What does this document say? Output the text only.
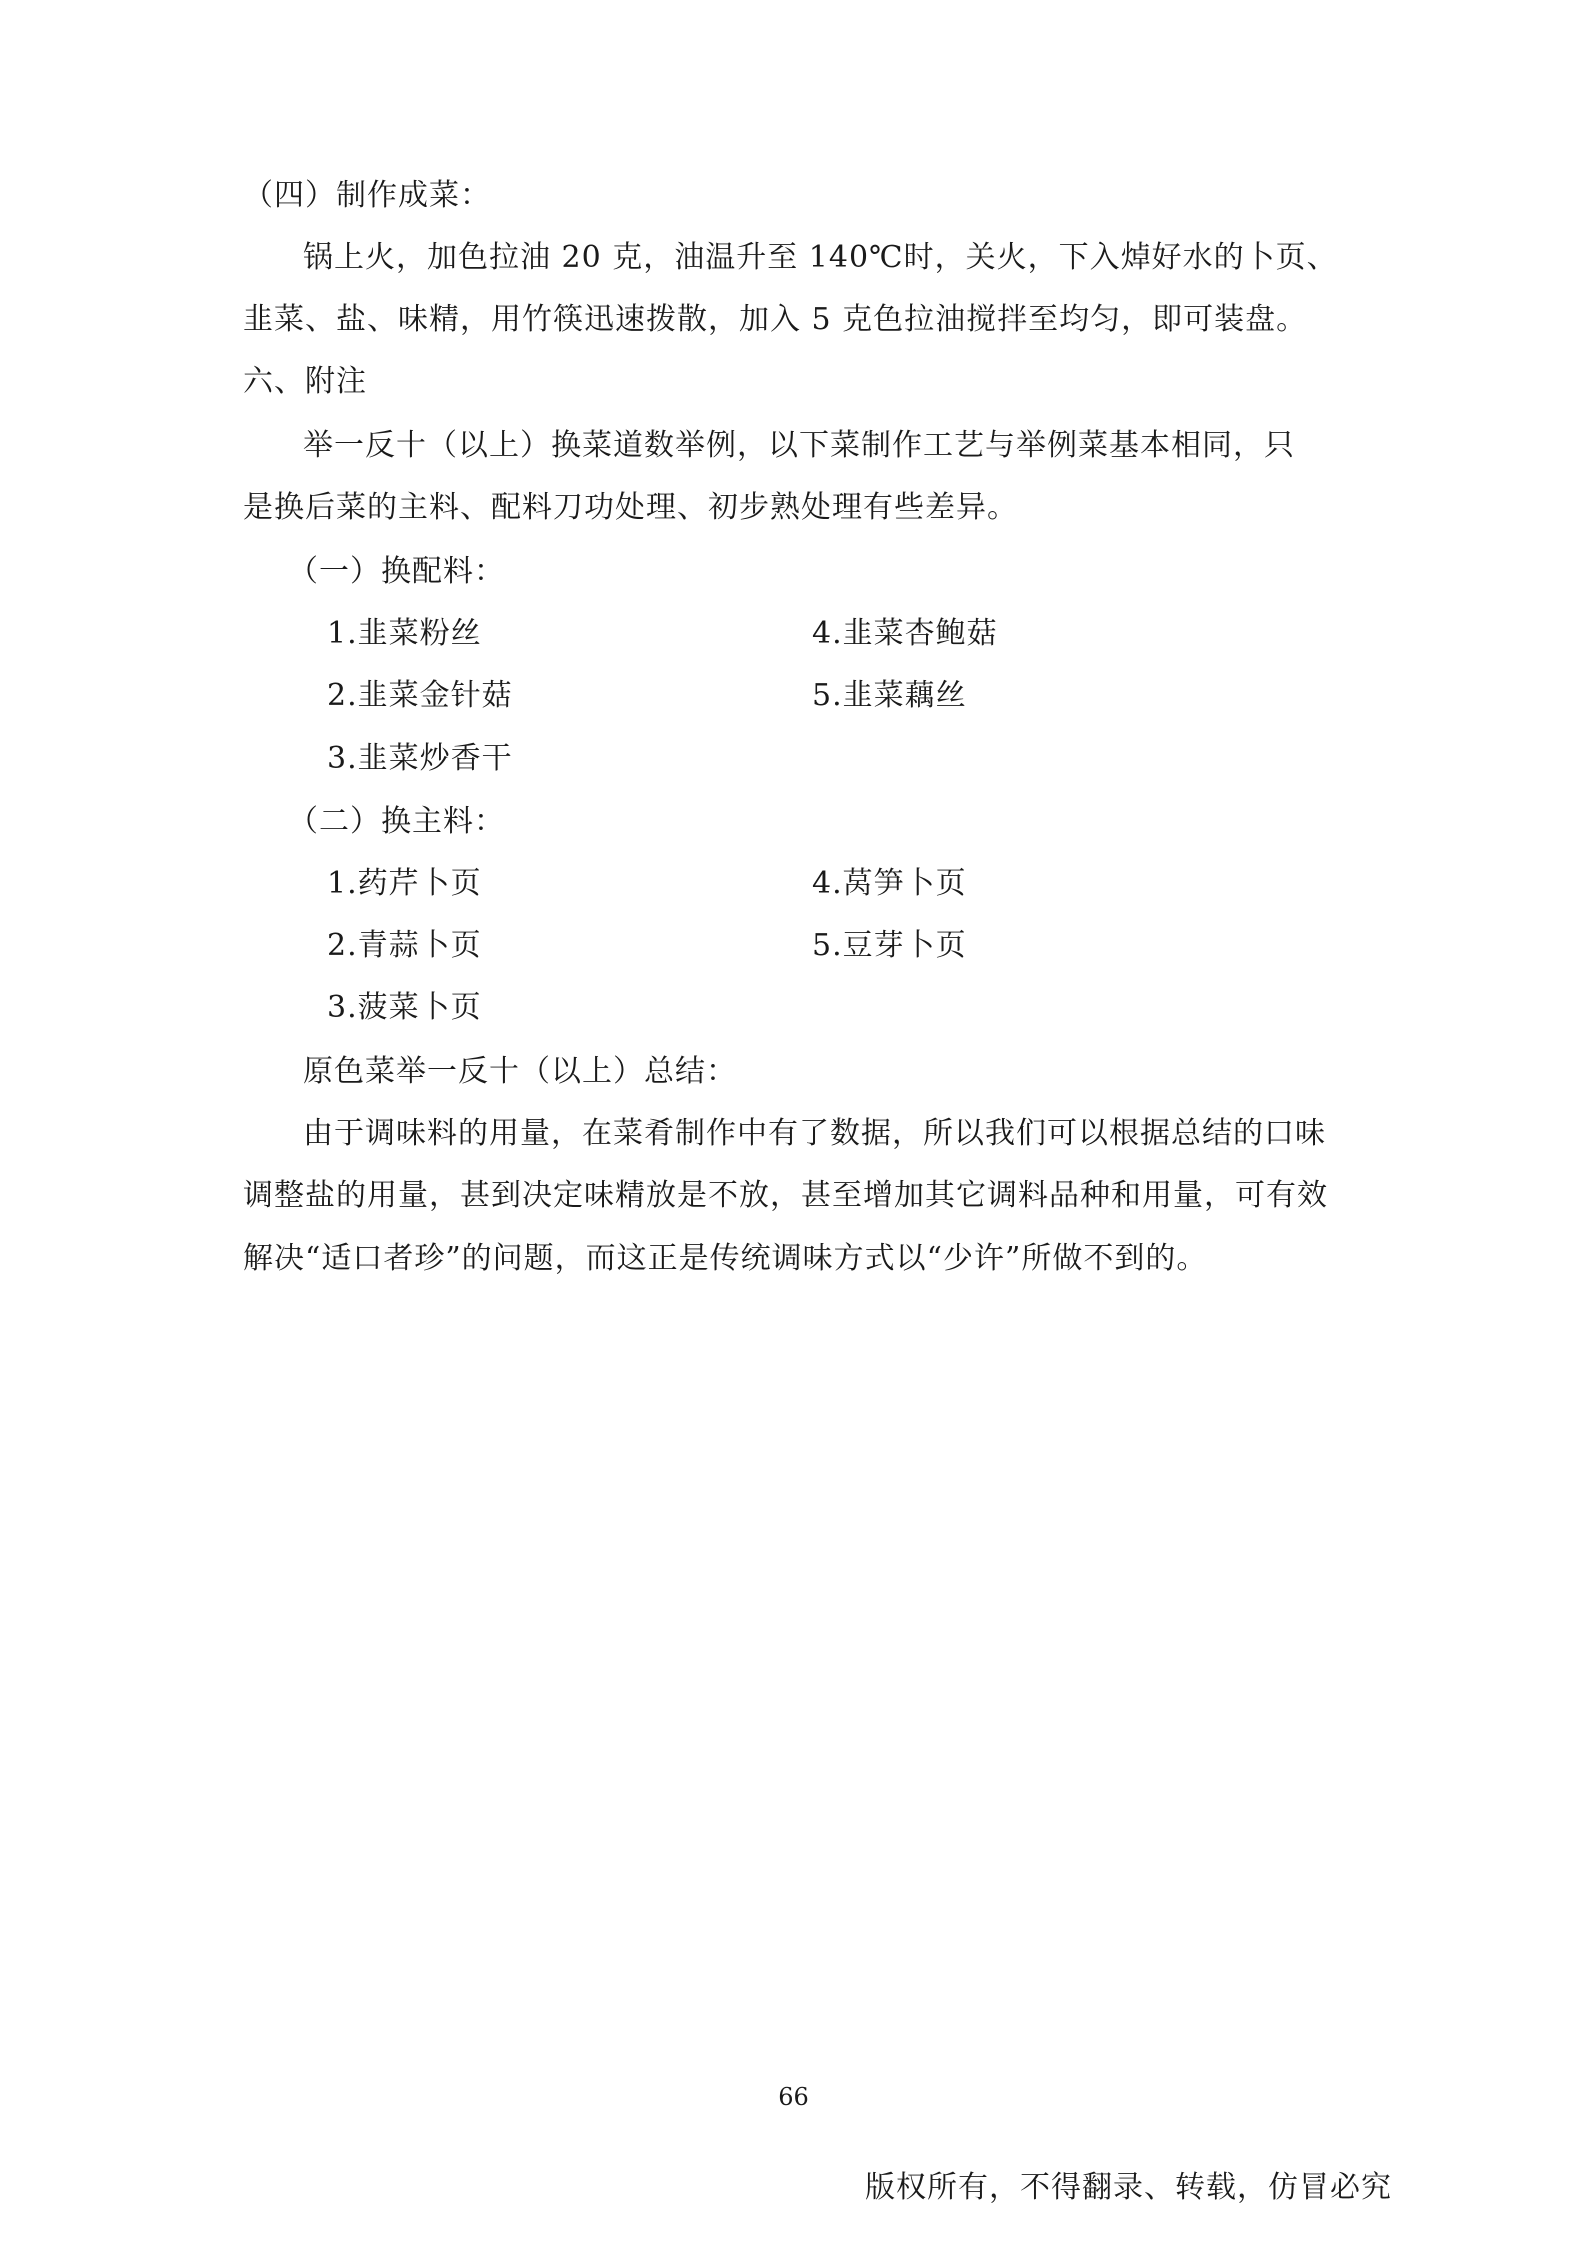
（四）制作成菜：
锅上火，加色拉油 20 克，油温升至 140℃时，关火，下入焯好水的卜页、
韭菜、盐、味精，用竹筷迅速拨散，加入 5 克色拉油搅拌至均匀，即可装盘。
六、附注
举一反十（以上）换菜道数举例，以下菜制作工艺与举例菜基本相同，只
是换后菜的主料、配料刀功处理、初步熟处理有些差异。
（一）换配料：
1.韭菜粉丝	4.韭菜杏鲍菇
2.韭菜金针菇	5.韭菜藕丝
3.韭菜炒香干
（二）换主料：
1.药芹卜页	4.莴笋卜页
2.青蒜卜页	5.豆芽卜页
3.菠菜卜页
原色菜举一反十（以上）总结：
由于调味料的用量，在菜肴制作中有了数据，所以我们可以根据总结的口味
调整盐的用量，甚到决定味精放是不放，甚至增加其它调料品种和用量，可有效
解决“适口者珍”的问题，而这正是传统调味方式以“少许”所做不到的。
66
版权所有，不得翻录、转载，仿冒必究
